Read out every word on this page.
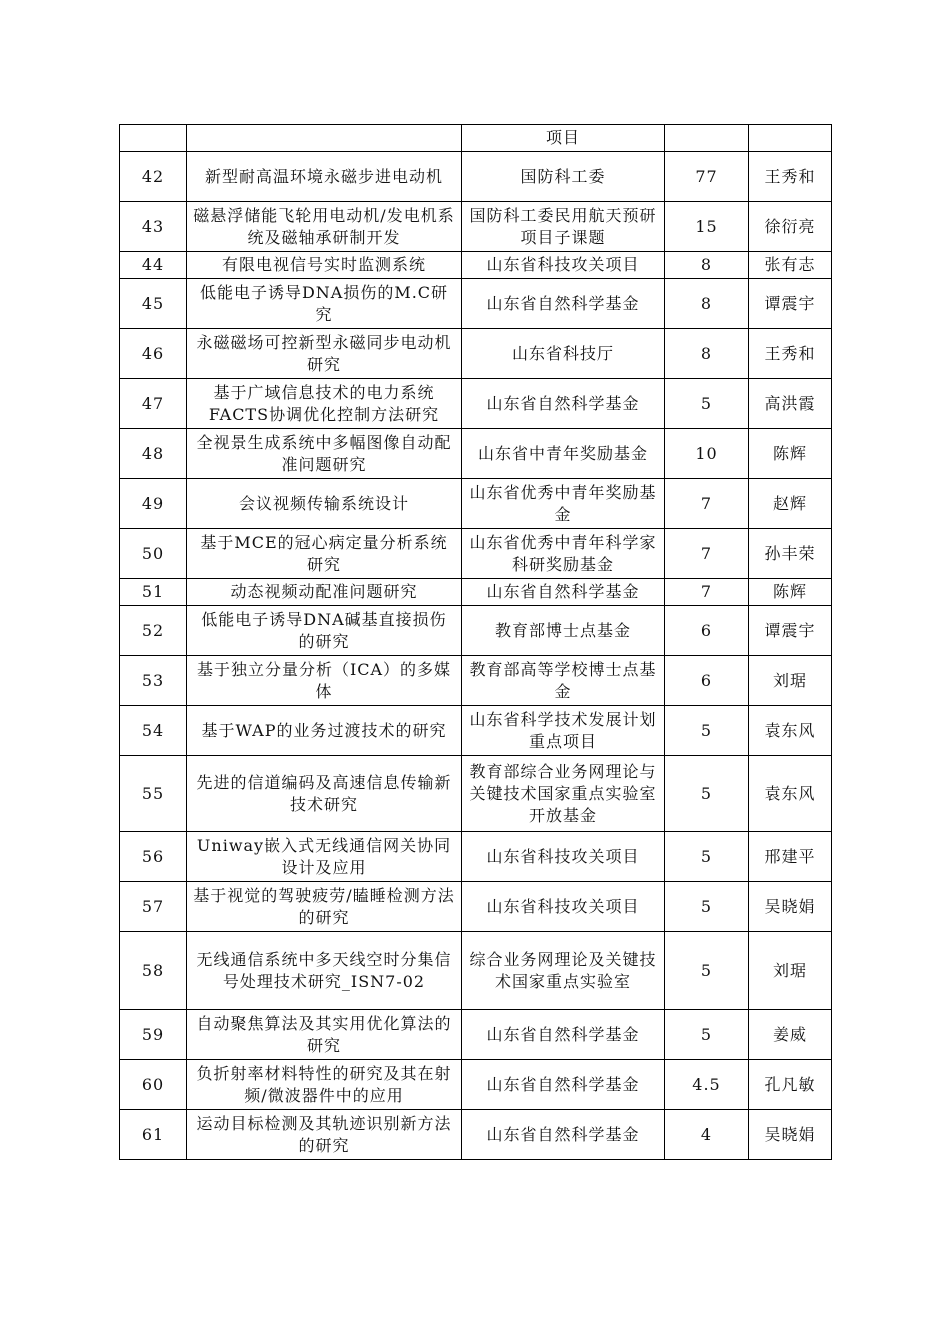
		项目		
42	新型耐高温环境永磁步进电动机	国防科工委	77	王秀和
43	磁悬浮储能飞轮用电动机/发电机系统及磁轴承研制开发	国防科工委民用航天预研项目子课题	15	徐衍亮
44	有限电视信号实时监测系统	山东省科技攻关项目	8	张有志
45	低能电子诱导DNA损伤的M.C研究	山东省自然科学基金	8	谭震宇
46	永磁磁场可控新型永磁同步电动机研究	山东省科技厅	8	王秀和
47	基于广域信息技术的电力系统FACTS协调优化控制方法研究	山东省自然科学基金	5	高洪霞
48	全视景生成系统中多幅图像自动配准问题研究	山东省中青年奖励基金	10	陈辉
49	会议视频传输系统设计	山东省优秀中青年奖励基金	7	赵辉
50	基于MCE的冠心病定量分析系统研究	山东省优秀中青年科学家科研奖励基金	7	孙丰荣
51	动态视频动配准问题研究	山东省自然科学基金	7	陈辉
52	低能电子诱导DNA碱基直接损伤的研究	教育部博士点基金	6	谭震宇
53	基于独立分量分析（ICA）的多媒体	教育部高等学校博士点基金	6	刘琚
54	基于WAP的业务过渡技术的研究	山东省科学技术发展计划重点项目	5	袁东风
55	先进的信道编码及高速信息传输新技术研究	教育部综合业务网理论与关键技术国家重点实验室开放基金	5	袁东风
56	Uniway嵌入式无线通信网关协同设计及应用	山东省科技攻关项目	5	邢建平
57	基于视觉的驾驶疲劳/瞌睡检测方法的研究	山东省科技攻关项目	5	吴晓娟
58	无线通信系统中多天线空时分集信号处理技术研究_ISN7-02	综合业务网理论及关键技术国家重点实验室	5	刘琚
59	自动聚焦算法及其实用优化算法的研究	山东省自然科学基金	5	姜威
60	负折射率材料特性的研究及其在射频/微波器件中的应用	山东省自然科学基金	4.5	孔凡敏
61	运动目标检测及其轨迹识别新方法的研究	山东省自然科学基金	4	吴晓娟
